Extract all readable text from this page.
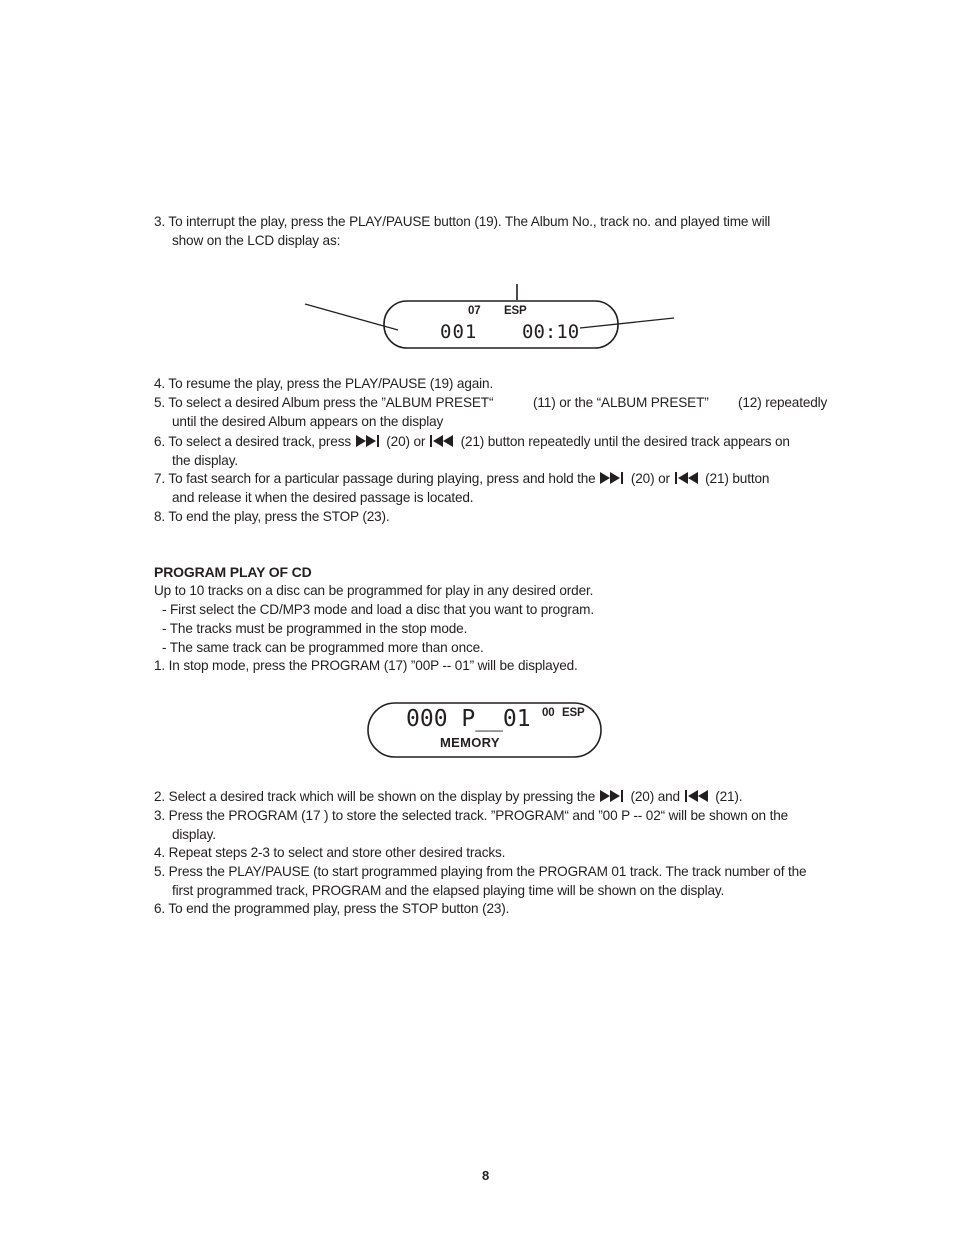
3. To interrupt the play, press the PLAY/PAUSE button (19). The Album No., track no. and played time will
show on the LCD display as:
07 ESP
001 00:10
4. To resume the play, press the PLAY/PAUSE (19) again.
5. To select a desired Album press the ”ALBUM PRESET“	(11) or the “ALBUM PRESET” (12) repeatedly
until the desired Album appears on the display
6. To select a desired track, press	(20) or	(21) button repeatedly until the desired track appears on
the display.
7. To fast search for a particular passage during playing, press and hold the	(20) or	(21) button
and release it when the desired passage is located.
8. To end the play, press the STOP (23).
PROGRAM PLAY OF CD
Up to 10 tracks on a disc can be programmed for play in any desired order.
- First select the CD/MP3 mode and load a disc that you want to program.
- The tracks must be programmed in the stop mode.
- The same track can be programmed more than once.
1. In stop mode, press the PROGRAM (17) ”00P -- 01” will be displayed.
000 P__01 00 ESP
MEMORY
2. Select a desired track which will be shown on the display by pressing the	(20) and	(21).
3. Press the PROGRAM (17 ) to store the selected track. ”PROGRAM“ and ”00 P -- 02“ will be shown on the
display.
4. Repeat steps 2-3 to select and store other desired tracks.
5. Press the PLAY/PAUSE (to start programmed playing from the PROGRAM 01 track. The track number of the
first programmed track, PROGRAM and the elapsed playing time will be shown on the display.
6. To end the programmed play, press the STOP button (23).
8
